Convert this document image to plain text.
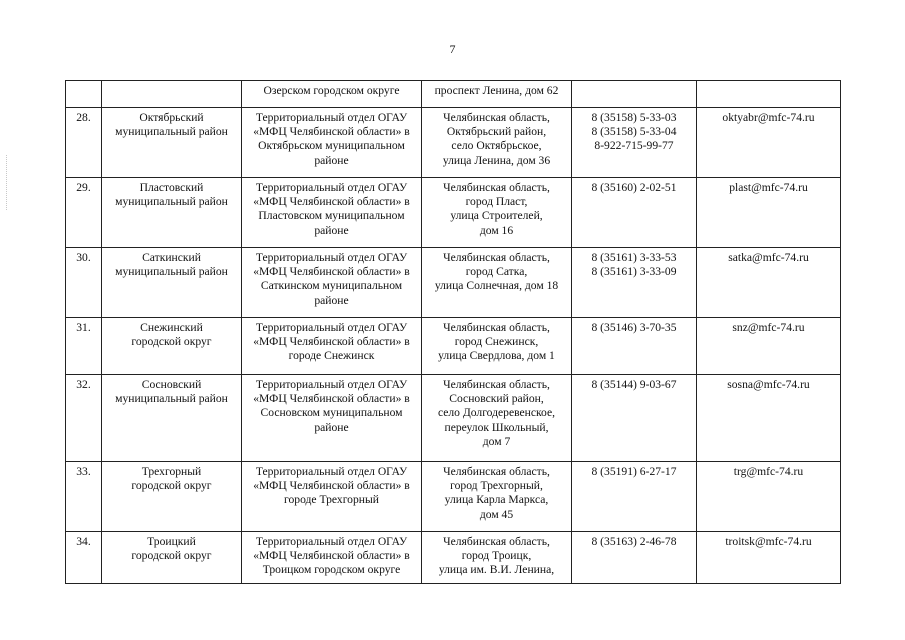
7

		Озерском городском округе	проспект Ленина, дом 62		

28.	Октябрьский
муниципальный район	Территориальный отдел ОГАУ
«МФЦ Челябинской области» в
Октябрьском муниципальном
районе	Челябинская область,
Октябрьский район,
село Октябрьское,
улица Ленина, дом 36	8 (35158) 5-33-03
8 (35158) 5-33-04
8-922-715-99-77	oktyabr@mfc-74.ru
29.	Пластовский
муниципальный район	Территориальный отдел ОГАУ
«МФЦ Челябинской области» в
Пластовском муниципальном
районе	Челябинская область,
город Пласт,
улица Строителей,
дом 16	8 (35160) 2-02-51	plast@mfc-74.ru
30.	Саткинский
муниципальный район	Территориальный отдел ОГАУ
«МФЦ Челябинской области» в
Саткинском муниципальном
районе	Челябинская область,
город Сатка,
улица Солнечная, дом 18	8 (35161) 3-33-53
8 (35161) 3-33-09	satka@mfc-74.ru
31.	Снежинский
городской округ	Территориальный отдел ОГАУ
«МФЦ Челябинской области» в
городе Снежинск	Челябинская область,
город Снежинск,
улица Свердлова, дом 1	8 (35146) 3-70-35	snz@mfc-74.ru
32.	Сосновский
муниципальный район	Территориальный отдел ОГАУ
«МФЦ Челябинской области» в
Сосновском муниципальном
районе	Челябинская область,
Сосновский район,
село Долгодеревенское,
переулок Школьный,
дом 7	8 (35144) 9-03-67	sosna@mfc-74.ru
33.	Трехгорный
городской округ	Территориальный отдел ОГАУ
«МФЦ Челябинской области» в
городе Трехгорный	Челябинская область,
город Трехгорный,
улица Карла Маркса,
дом 45	8 (35191) 6-27-17	trg@mfc-74.ru
34.	Троицкий
городской округ	Территориальный отдел ОГАУ
«МФЦ Челябинской области» в
Троицком городском округе	Челябинская область,
город Троицк,
улица им. В.И. Ленина,	8 (35163) 2-46-78	troitsk@mfc-74.ru
